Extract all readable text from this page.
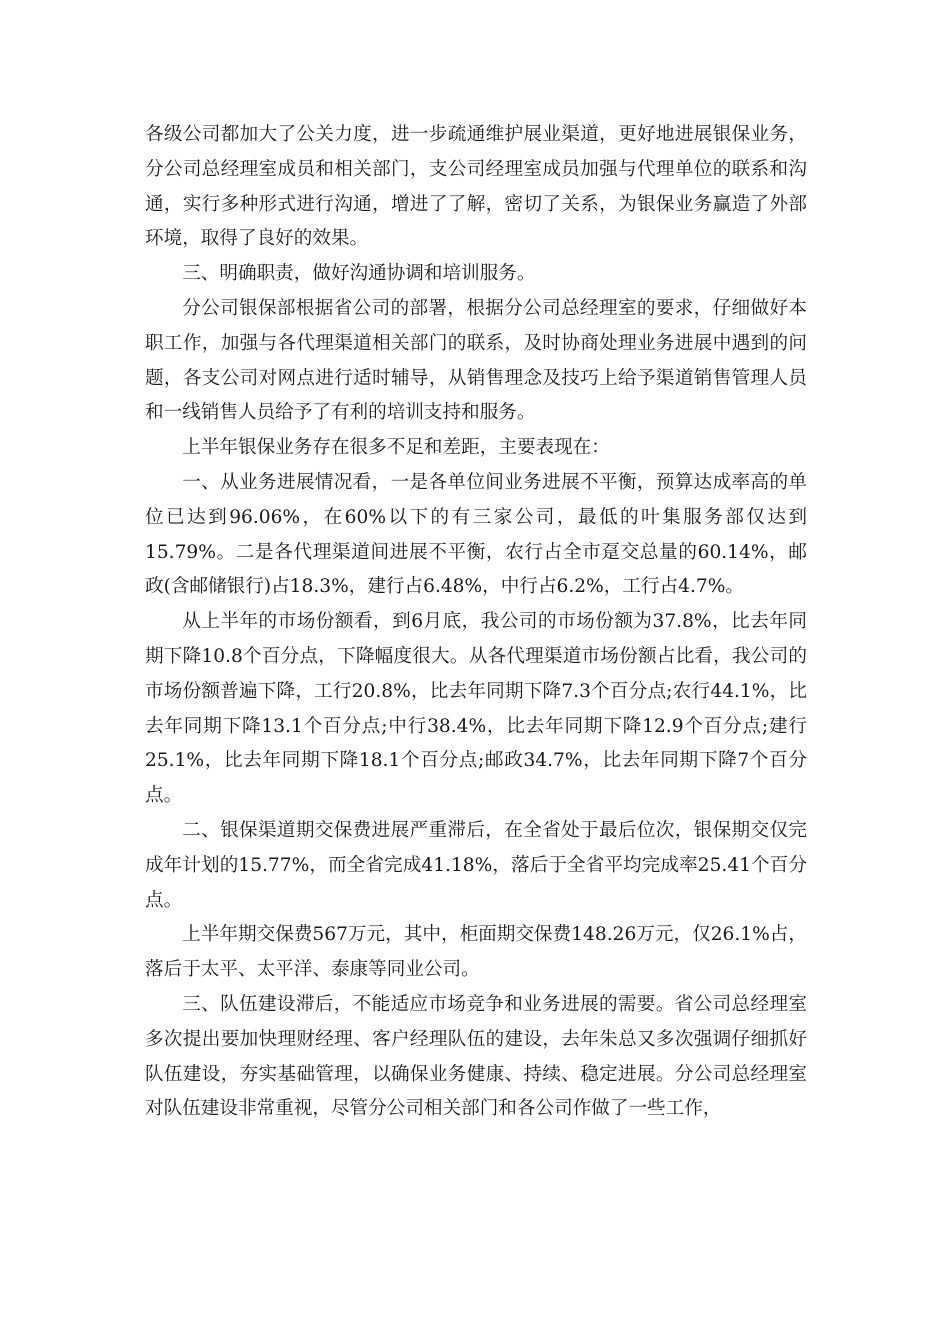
各级公司都加大了公关力度，进一步疏通维护展业渠道，更好地进展银保业务，分公司总经理室成员和相关部门，支公司经理室成员加强与代理单位的联系和沟通，实行多种形式进行沟通，增进了了解，密切了关系，为银保业务赢造了外部环境，取得了良好的效果。

三、明确职责，做好沟通协调和培训服务。

分公司银保部根据省公司的部署，根据分公司总经理室的要求，仔细做好本职工作，加强与各代理渠道相关部门的联系，及时协商处理业务进展中遇到的问题，各支公司对网点进行适时辅导，从销售理念及技巧上给予渠道销售管理人员和一线销售人员给予了有利的培训支持和服务。

上半年银保业务存在很多不足和差距，主要表现在：

一、从业务进展情况看，一是各单位间业务进展不平衡，预算达成率高的单位已达到96.06%，在60%以下的有三家公司，最低的叶集服务部仅达到15.79%。二是各代理渠道间进展不平衡，农行占全市趸交总量的60.14%，邮政(含邮储银行)占18.3%，建行占6.48%，中行占6.2%，工行占4.7%。

从上半年的市场份额看，到6月底，我公司的市场份额为37.8%，比去年同期下降10.8个百分点，下降幅度很大。从各代理渠道市场份额占比看，我公司的市场份额普遍下降，工行20.8%，比去年同期下降7.3个百分点;农行44.1%，比去年同期下降13.1个百分点;中行38.4%，比去年同期下降12.9个百分点;建行25.1%，比去年同期下降18.1个百分点;邮政34.7%，比去年同期下降7个百分点。

二、银保渠道期交保费进展严重滞后，在全省处于最后位次，银保期交仅完成年计划的15.77%，而全省完成41.18%，落后于全省平均完成率25.41个百分点。

上半年期交保费567万元，其中，柜面期交保费148.26万元，仅26.1%占，落后于太平、太平洋、泰康等同业公司。

三、队伍建设滞后，不能适应市场竞争和业务进展的需要。省公司总经理室多次提出要加快理财经理、客户经理队伍的建设，去年朱总又多次强调仔细抓好队伍建设，夯实基础管理，以确保业务健康、持续、稳定进展。分公司总经理室对队伍建设非常重视，尽管分公司相关部门和各公司作做了一些工作，
